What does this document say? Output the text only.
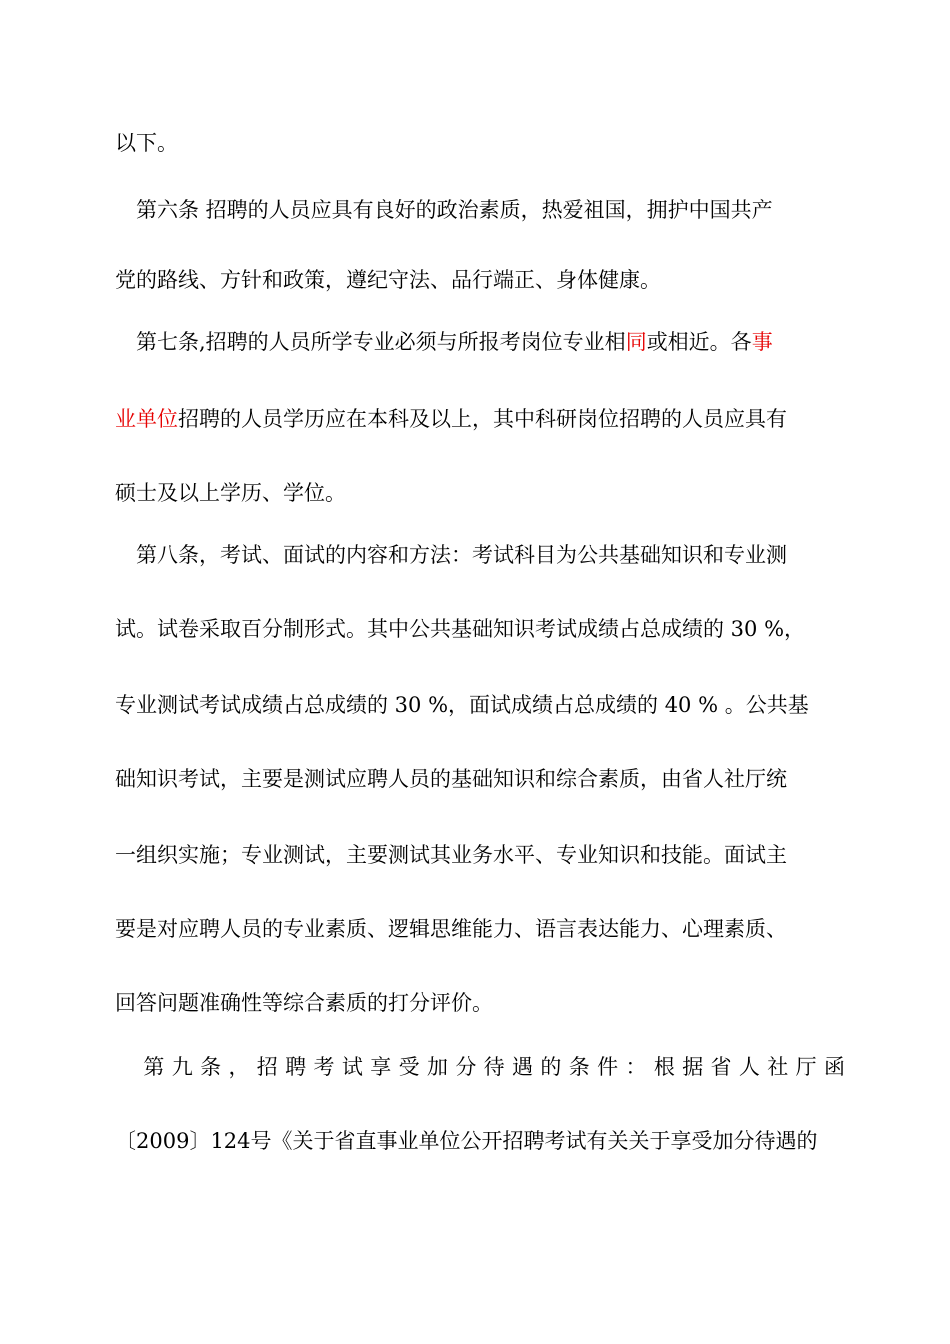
以下。
　第六条 招聘的人员应具有良好的政治素质，热爱祖国，拥护中国共产
党的路线、方针和政策，遵纪守法、品行端正、身体健康。
　第七条,招聘的人员所学专业必须与所报考岗位专业相同或相近。各事
业单位招聘的人员学历应在本科及以上，其中科研岗位招聘的人员应具有
硕士及以上学历、学位。
　第八条，考试、面试的内容和方法：考试科目为公共基础知识和专业测
试。试卷采取百分制形式。其中公共基础知识考试成绩占总成绩的 30 %，
专业测试考试成绩占总成绩的 30 %，面试成绩占总成绩的 40 % 。公共基
础知识考试，主要是测试应聘人员的基础知识和综合素质，由省人社厅统
一组织实施；专业测试，主要测试其业务水平、专业知识和技能。面试主
要是对应聘人员的专业素质、逻辑思维能力、语言表达能力、心理素质、
回答问题准确性等综合素质的打分评价。
　第九条，招聘考试享受加分待遇的条件：根据省人社厅函
〔2009〕124号《关于省直事业单位公开招聘考试有关关于享受加分待遇的
